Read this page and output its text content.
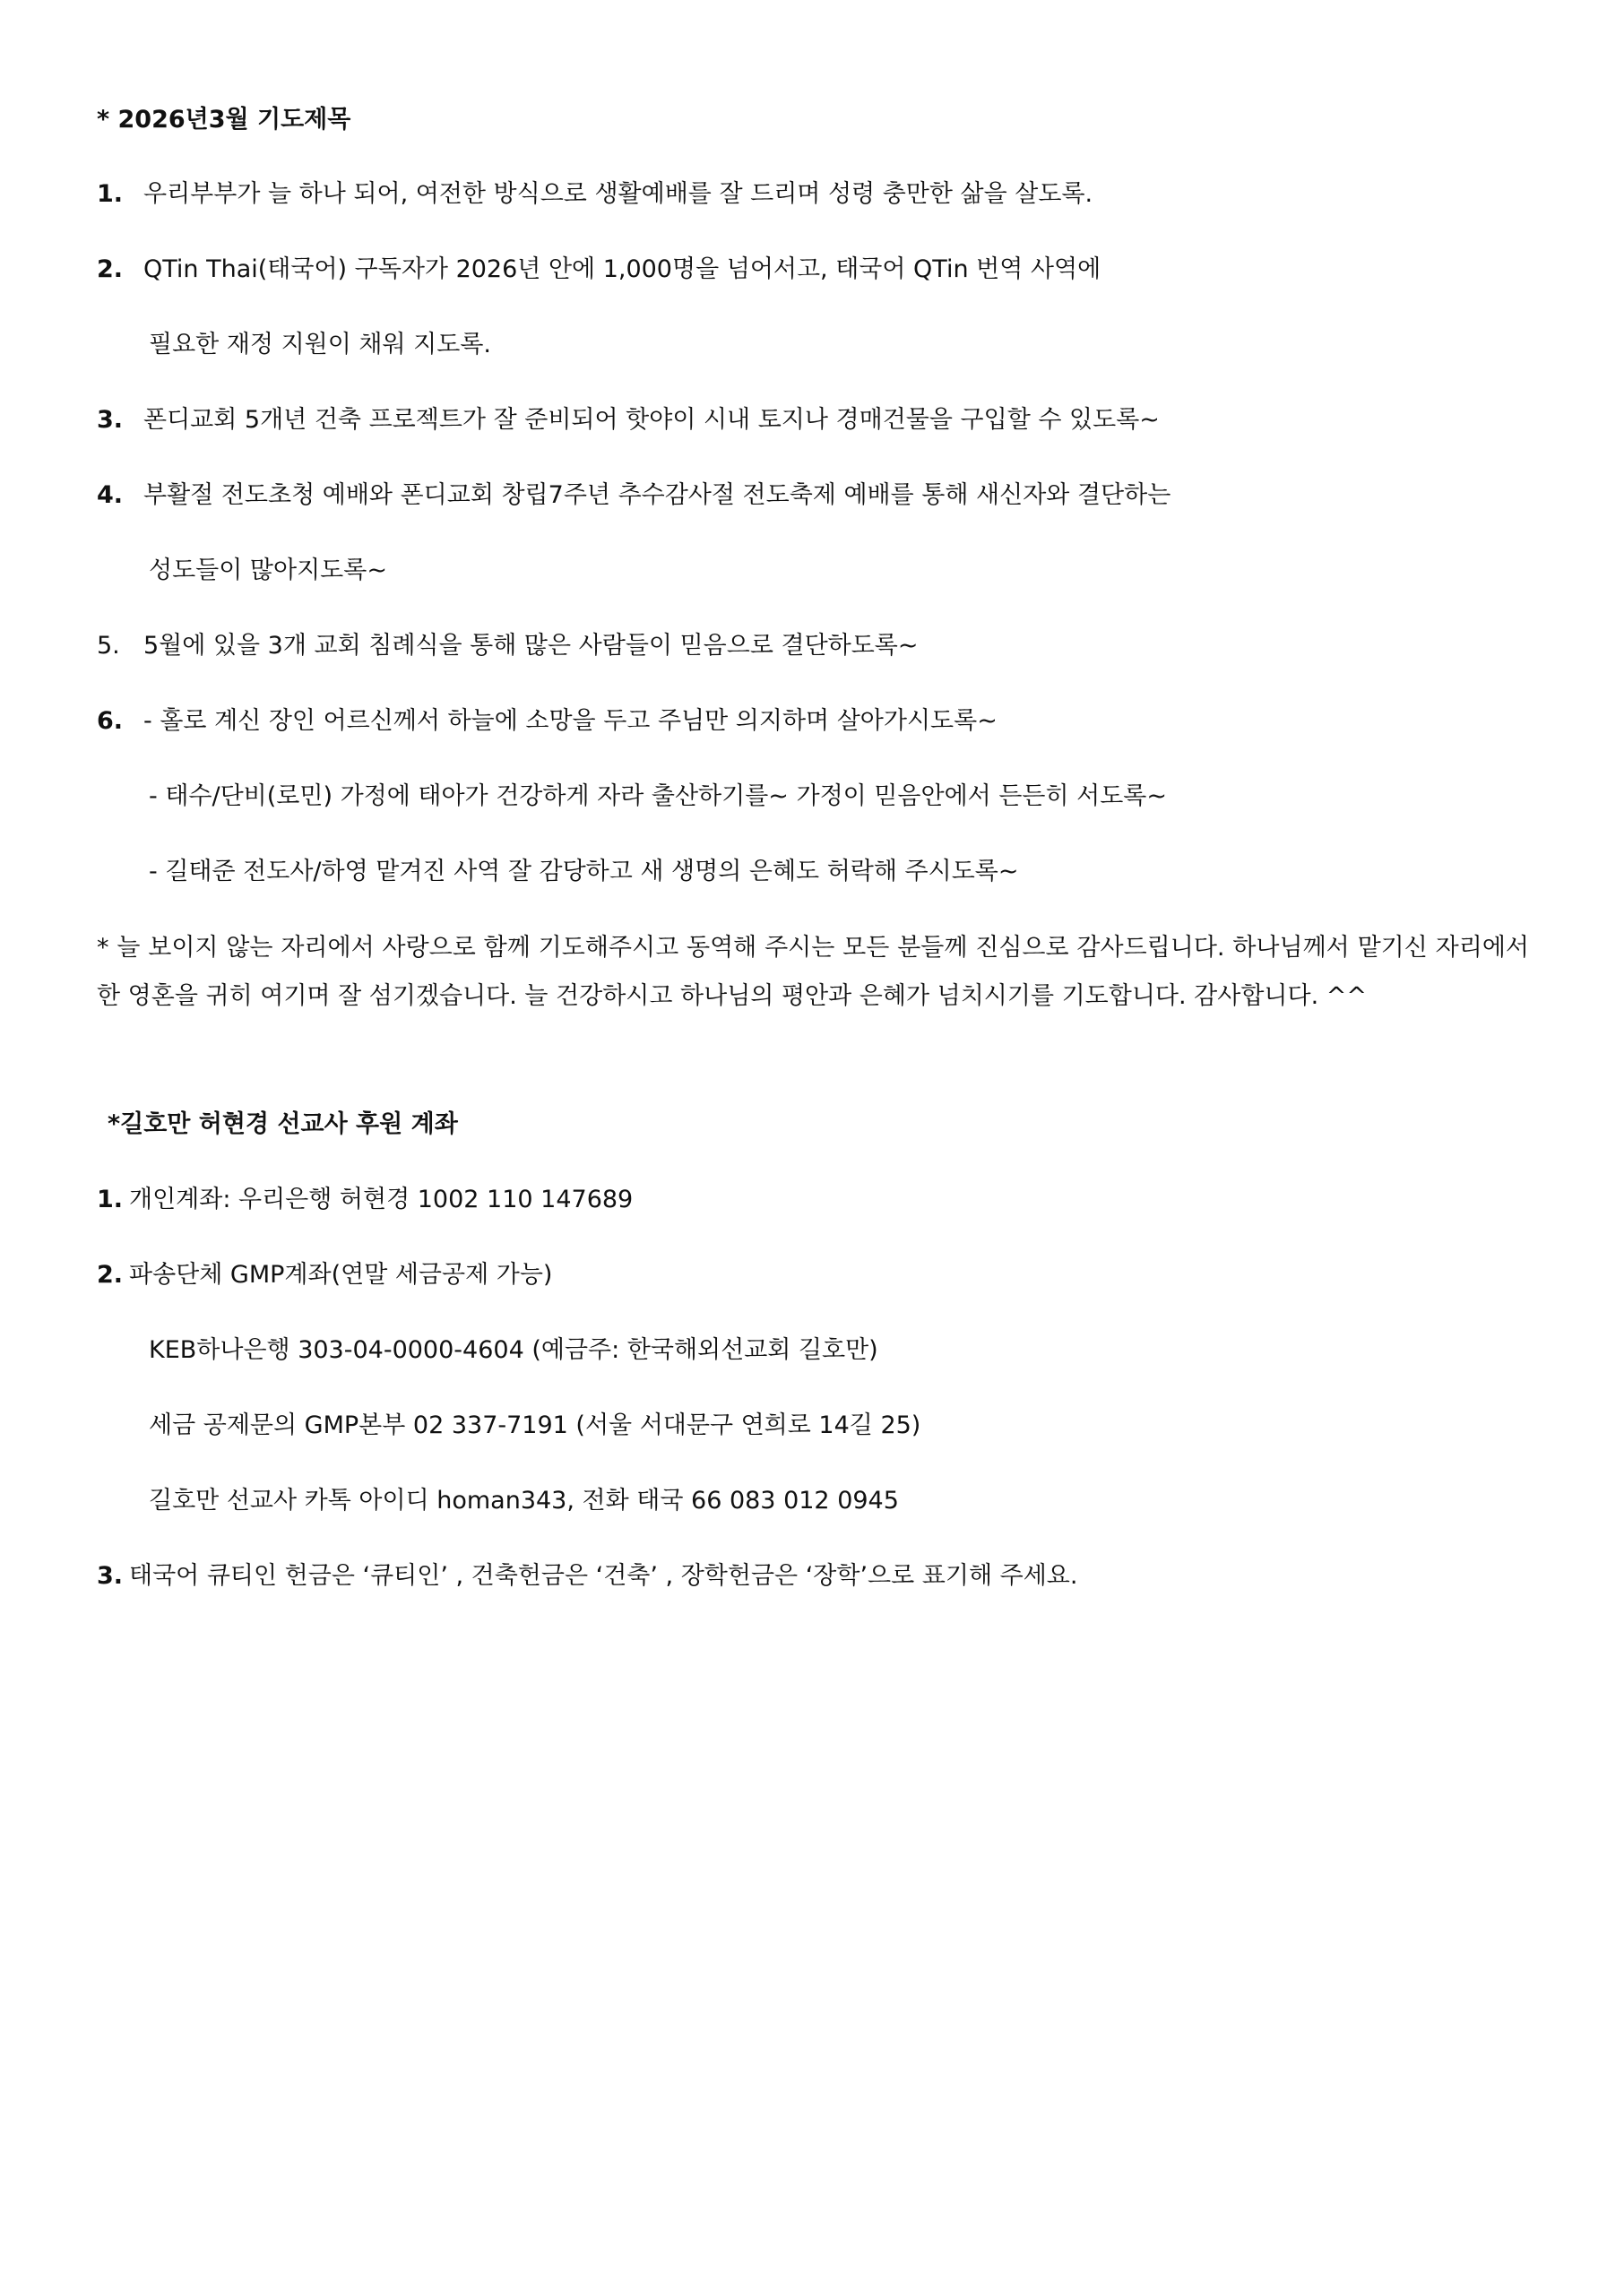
* 2026년3월 기도제목
1. 우리부부가 늘 하나 되어, 여전한 방식으로 생활예배를 잘 드리며 성령 충만한 삶을 살도록.
2. QTin Thai(태국어) 구독자가 2026년 안에 1,000명을 넘어서고, 태국어 QTin 번역 사역에
필요한 재정 지원이 채워 지도록.
3. 폰디교회 5개년 건축 프로젝트가 잘 준비되어 핫야이 시내 토지나 경매건물을 구입할 수 있도록~
4. 부활절 전도초청 예배와 폰디교회 창립7주년 추수감사절 전도축제 예배를 통해 새신자와 결단하는
성도들이 많아지도록~
5. 5월에 있을 3개 교회 침례식을 통해 많은 사람들이 믿음으로 결단하도록~
6. - 홀로 계신 장인 어르신께서 하늘에 소망을 두고 주님만 의지하며 살아가시도록~
- 태수/단비(로민) 가정에 태아가 건강하게 자라 출산하기를~ 가정이 믿음안에서 든든히 서도록~
- 길태준 전도사/하영 맡겨진 사역 잘 감당하고 새 생명의 은혜도 허락해 주시도록~
* 늘 보이지 않는 자리에서 사랑으로 함께 기도해주시고 동역해 주시는 모든 분들께 진심으로 감사드립니다. 하나님께서 맡기신 자리에서 한 영혼을 귀히 여기며 잘 섬기겠습니다. 늘 건강하시고 하나님의 평안과 은혜가 넘치시기를 기도합니다. 감사합니다. ^^
*길호만 허현경 선교사 후원 계좌
1. 개인계좌: 우리은행 허현경 1002 110 147689
2. 파송단체 GMP계좌(연말 세금공제 가능)
KEB하나은행 303-04-0000-4604 (예금주: 한국해외선교회 길호만)
세금 공제문의 GMP본부 02 337-7191 (서울 서대문구 연희로 14길 25)
길호만 선교사 카톡 아이디 homan343, 전화 태국 66 083 012 0945
3. 태국어 큐티인 헌금은 ‘큐티인’ , 건축헌금은 ‘건축’ , 장학헌금은 ‘장학’으로 표기해 주세요.
